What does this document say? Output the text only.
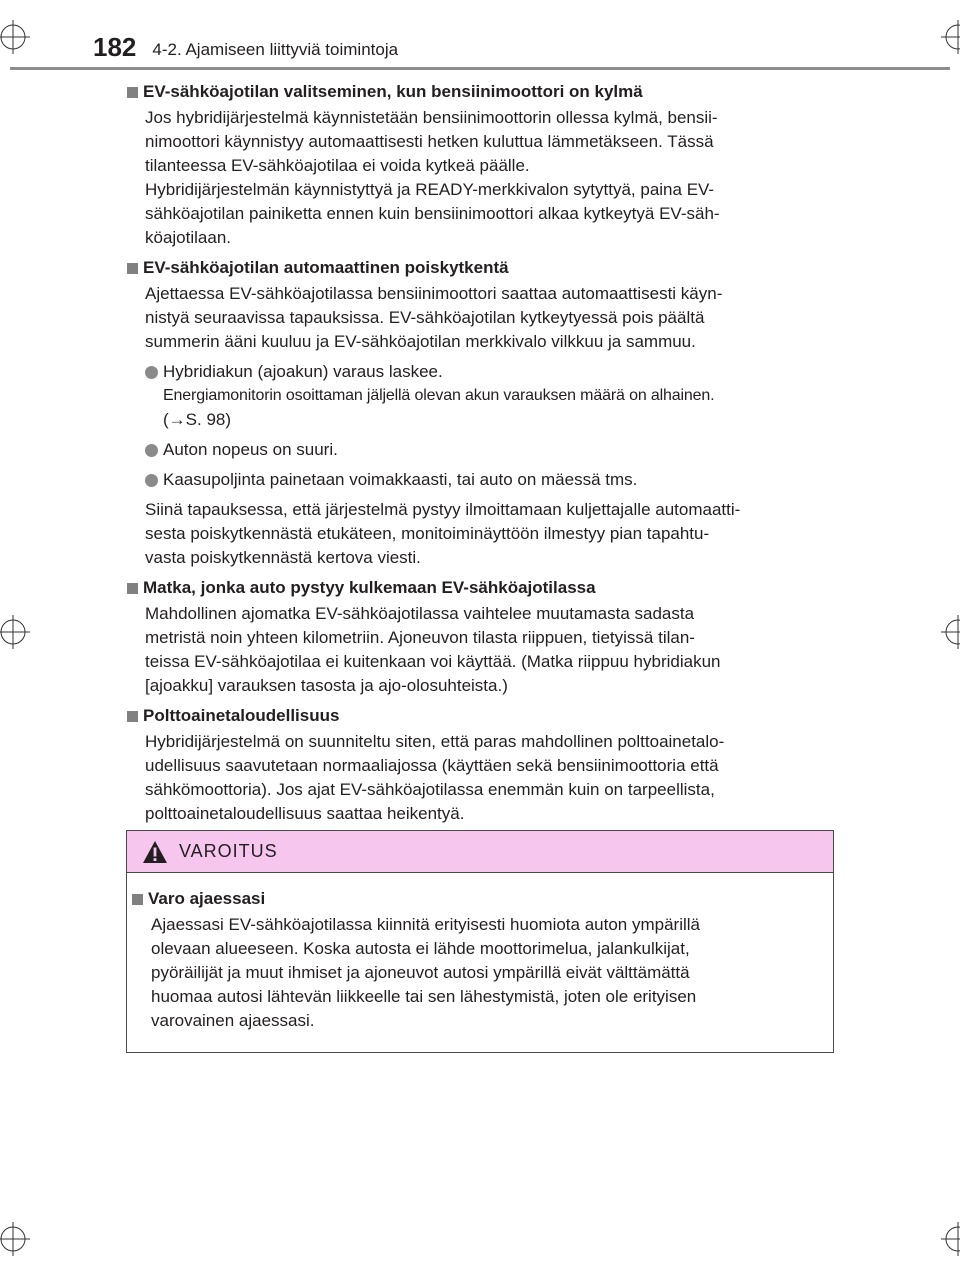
182 4-2. Ajamiseen liittyviä toimintoja
EV-sähköajotilan valitseminen, kun bensiinimoottori on kylmä

Jos hybridijärjestelmä käynnistetään bensiinimoottorin ollessa kylmä, bensii-
nimoottori käynnistyy automaattisesti hetken kuluttua lämmetäkseen. Tässä
tilanteessa EV-sähköajotilaa ei voida kytkeä päälle.
Hybridijärjestelmän käynnistyttyä ja READY-merkkivalon sytyttyä, paina EV-
sähköajotilan painiketta ennen kuin bensiinimoottori alkaa kytkeytyä EV-säh-
köajotilaan.

EV-sähköajotilan automaattinen poiskytkentä

Ajettaessa EV-sähköajotilassa bensiinimoottori saattaa automaattisesti käyn-
nistyä seuraavissa tapauksissa. EV-sähköajotilan kytkeytyessä pois päältä
summerin ääni kuuluu ja EV-sähköajotilan merkkivalo vilkkuu ja sammuu.

Hybridiakun (ajoakun) varaus laskee.
Energiamonitorin osoittaman jäljellä olevan akun varauksen määrä on alhainen.
(→S. 98)
Auton nopeus on suuri.
Kaasupoljinta painetaan voimakkaasti, tai auto on mäessä tms.

Siinä tapauksessa, että järjestelmä pystyy ilmoittamaan kuljettajalle automaatti-
sesta poiskytkennästä etukäteen, monitoiminäyttöön ilmestyy pian tapahtu-
vasta poiskytkennästä kertova viesti.

Matka, jonka auto pystyy kulkemaan EV-sähköajotilassa

Mahdollinen ajomatka EV-sähköajotilassa vaihtelee muutamasta sadasta
metristä noin yhteen kilometriin. Ajoneuvon tilasta riippuen, tietyissä tilan-
teissa EV-sähköajotilaa ei kuitenkaan voi käyttää. (Matka riippuu hybridiakun
[ajoakku] varauksen tasosta ja ajo-olosuhteista.)

Polttoainetaloudellisuus

Hybridijärjestelmä on suunniteltu siten, että paras mahdollinen polttoainetalo-
udellisuus saavutetaan normaaliajossa (käyttäen sekä bensiinimoottoria että
sähkömoottoria). Jos ajat EV-sähköajotilassa enemmän kuin on tarpeellista,
polttoainetaloudellisuus saattaa heikentyä.

VAROITUS
Varo ajaessasi

Ajaessasi EV-sähköajotilassa kiinnitä erityisesti huomiota auton ympärillä
olevaan alueeseen. Koska autosta ei lähde moottorimelua, jalankulkijat,
pyöräilijät ja muut ihmiset ja ajoneuvot autosi ympärillä eivät välttämättä
huomaa autosi lähtevän liikkeelle tai sen lähestymistä, joten ole erityisen
varovainen ajaessasi.
